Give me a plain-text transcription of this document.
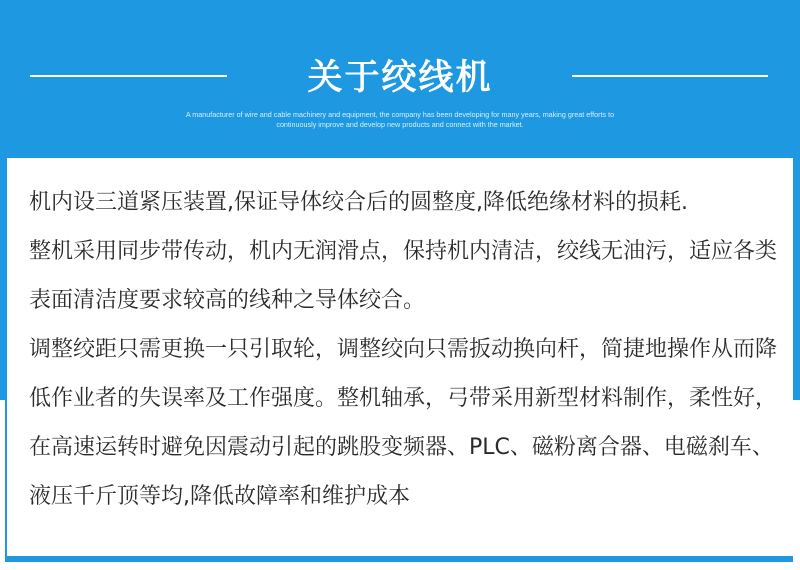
关于绞线机
A manufacturer of wire and cable machinery and equipment, the company has been developing for many years, making great efforts to
continuously improve and develop new products and connect with the market.

机内设三道紧压装置,保证导体绞合后的圆整度,降低绝缘材料的损耗.

整机采用同步带传动，机内无润滑点，保持机内清洁，绞线无油污，适应各类表面清洁度要求较高的线种之导体绞合。

调整绞距只需更换一只引取轮，调整绞向只需扳动换向杆，简捷地操作从而降低作业者的失误率及工作强度。整机轴承，弓带采用新型材料制作，柔性好，在高速运转时避免因震动引起的跳股变频器、PLC、磁粉离合器、电磁刹车、液压千斤顶等均,降低故障率和维护成本
